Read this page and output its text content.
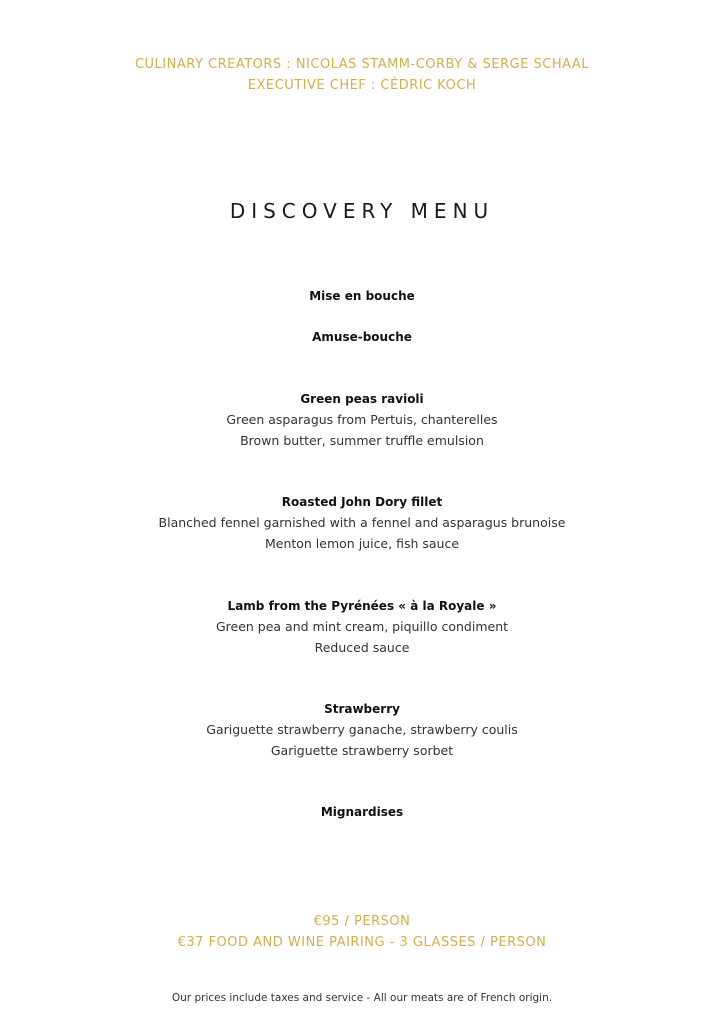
CULINARY CREATORS : NICOLAS STAMM-CORBY & SERGE SCHAAL
EXECUTIVE CHEF : CÉDRIC KOCH
DISCOVERY MENU
Mise en bouche
Amuse-bouche
Green peas ravioli
Green asparagus from Pertuis, chanterelles
Brown butter, summer truffle emulsion
Roasted John Dory fillet
Blanched fennel garnished with a fennel and asparagus brunoise
Menton lemon juice, fish sauce
Lamb from the Pyrénées « à la Royale »
Green pea and mint cream, piquillo condiment
Reduced sauce
Strawberry
Gariguette strawberry ganache, strawberry coulis
Gariguette strawberry sorbet
Mignardises
€95 / PERSON
€37 FOOD AND WINE PAIRING - 3 GLASSES / PERSON
Our prices include taxes and service - All our meats are of French origin.
